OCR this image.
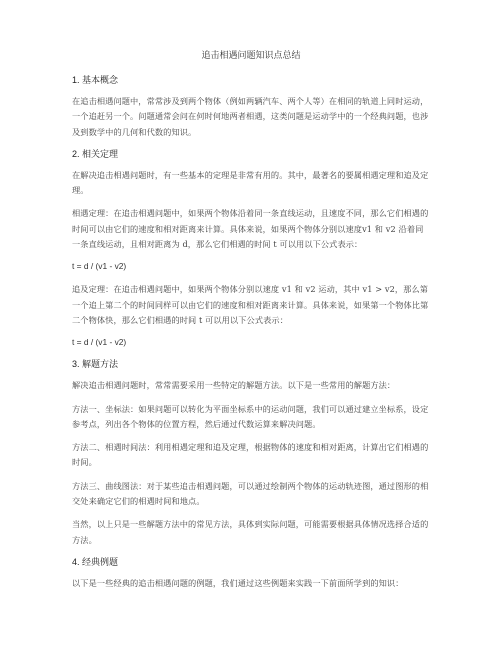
追击相遇问题知识点总结
1. 基本概念

在追击相遇问题中，常常涉及到两个物体（例如两辆汽车、两个人等）在相同的轨道上同时运动，一个追赶另一个。问题通常会问在何时何地两者相遇，这类问题是运动学中的一个经典问题，也涉及到数学中的几何和代数的知识。

2. 相关定理

在解决追击相遇问题时，有一些基本的定理是非常有用的。其中，最著名的要属相遇定理和追及定理。

相遇定理：在追击相遇问题中，如果两个物体沿着同一条直线运动，且速度不同，那么它们相遇的时间可以由它们的速度和相对距离来计算。具体来说，如果两个物体分别以速度v1 和 v2 沿着同一条直线运动，且相对距离为 d，那么它们相遇的时间 t 可以用以下公式表示：

t = d / (v1 - v2)

追及定理：在追击相遇问题中，如果两个物体分别以速度 v1 和 v2 运动，其中 v1 > v2，那么第一个追上第二个的时间同样可以由它们的速度和相对距离来计算。具体来说，如果第一个物体比第二个物体快，那么它们相遇的时间 t 可以用以下公式表示：

t = d / (v1 - v2)
3. 解题方法

解决追击相遇问题时，常常需要采用一些特定的解题方法。以下是一些常用的解题方法：

方法一、坐标法：如果问题可以转化为平面坐标系中的运动问题，我们可以通过建立坐标系，设定参考点，列出各个物体的位置方程，然后通过代数运算来解决问题。

方法二、相遇时间法：利用相遇定理和追及定理，根据物体的速度和相对距离，计算出它们相遇的时间。

方法三、曲线图法：对于某些追击相遇问题，可以通过绘制两个物体的运动轨迹图，通过图形的相交处来确定它们的相遇时间和地点。

当然，以上只是一些解题方法中的常见方法，具体到实际问题，可能需要根据具体情况选择合适的方法。

4. 经典例题

以下是一些经典的追击相遇问题的例题，我们通过这些例题来实践一下前面所学到的知识：
